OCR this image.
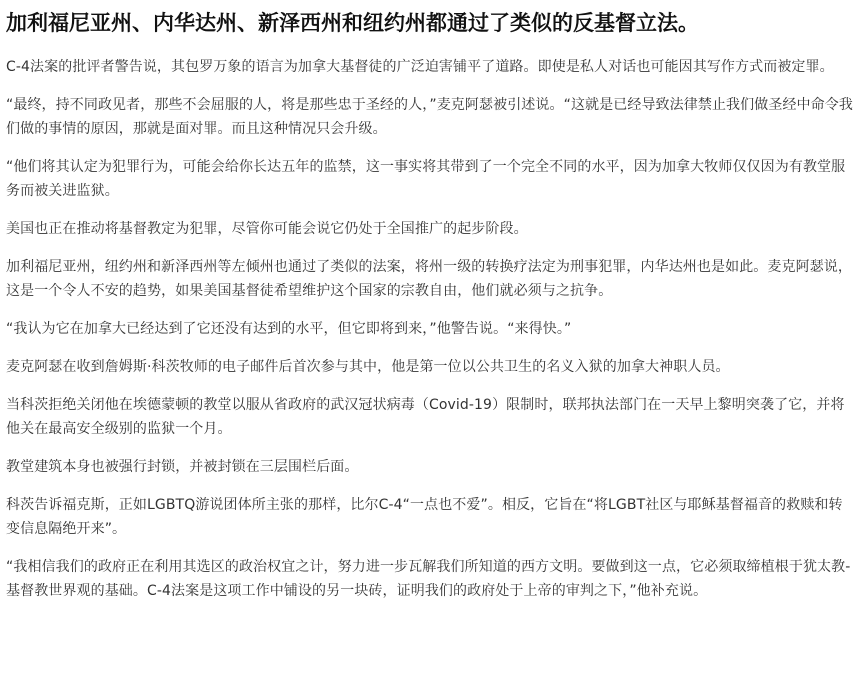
加利福尼亚州、内华达州、新泽西州和纽约州都通过了类似的反基督立法。

C-4法案的批评者警告说，其包罗万象的语言为加拿大基督徒的广泛迫害铺平了道路。即使是私人对话也可能因其写作方式而被定罪。

“最终，持不同政见者，那些不会屈服的人，将是那些忠于圣经的人，”麦克阿瑟被引述说。“这就是已经导致法律禁止我们做圣经中命令我们做的事情的原因，那就是面对罪。而且这种情况只会升级。

“他们将其认定为犯罪行为，可能会给你长达五年的监禁，这一事实将其带到了一个完全不同的水平，因为加拿大牧师仅仅因为有教堂服务而被关进监狱。

美国也正在推动将基督教定为犯罪，尽管你可能会说它仍处于全国推广的起步阶段。

加利福尼亚州，纽约州和新泽西州等左倾州也通过了类似的法案，将州一级的转换疗法定为刑事犯罪，内华达州也是如此。麦克阿瑟说，这是一个令人不安的趋势，如果美国基督徒希望维护这个国家的宗教自由，他们就必须与之抗争。

“我认为它在加拿大已经达到了它还没有达到的水平，但它即将到来，”他警告说。“来得快。”

麦克阿瑟在收到詹姆斯·科茨牧师的电子邮件后首次参与其中，他是第一位以公共卫生的名义入狱的加拿大神职人员。

当科茨拒绝关闭他在埃德蒙顿的教堂以服从省政府的武汉冠状病毒（Covid-19）限制时，联邦执法部门在一天早上黎明突袭了它，并将他关在最高安全级别的监狱一个月。

教堂建筑本身也被强行封锁，并被封锁在三层围栏后面。

科茨告诉福克斯，正如LGBTQ游说团体所主张的那样，比尔C-4“一点也不爱”。相反，它旨在“将LGBT社区与耶稣基督福音的救赎和转变信息隔绝开来”。

“我相信我们的政府正在利用其选区的政治权宜之计，努力进一步瓦解我们所知道的西方文明。要做到这一点，它必须取缔植根于犹太教-基督教世界观的基础。C-4法案是这项工作中铺设的另一块砖，证明我们的政府处于上帝的审判之下，”他补充说。
